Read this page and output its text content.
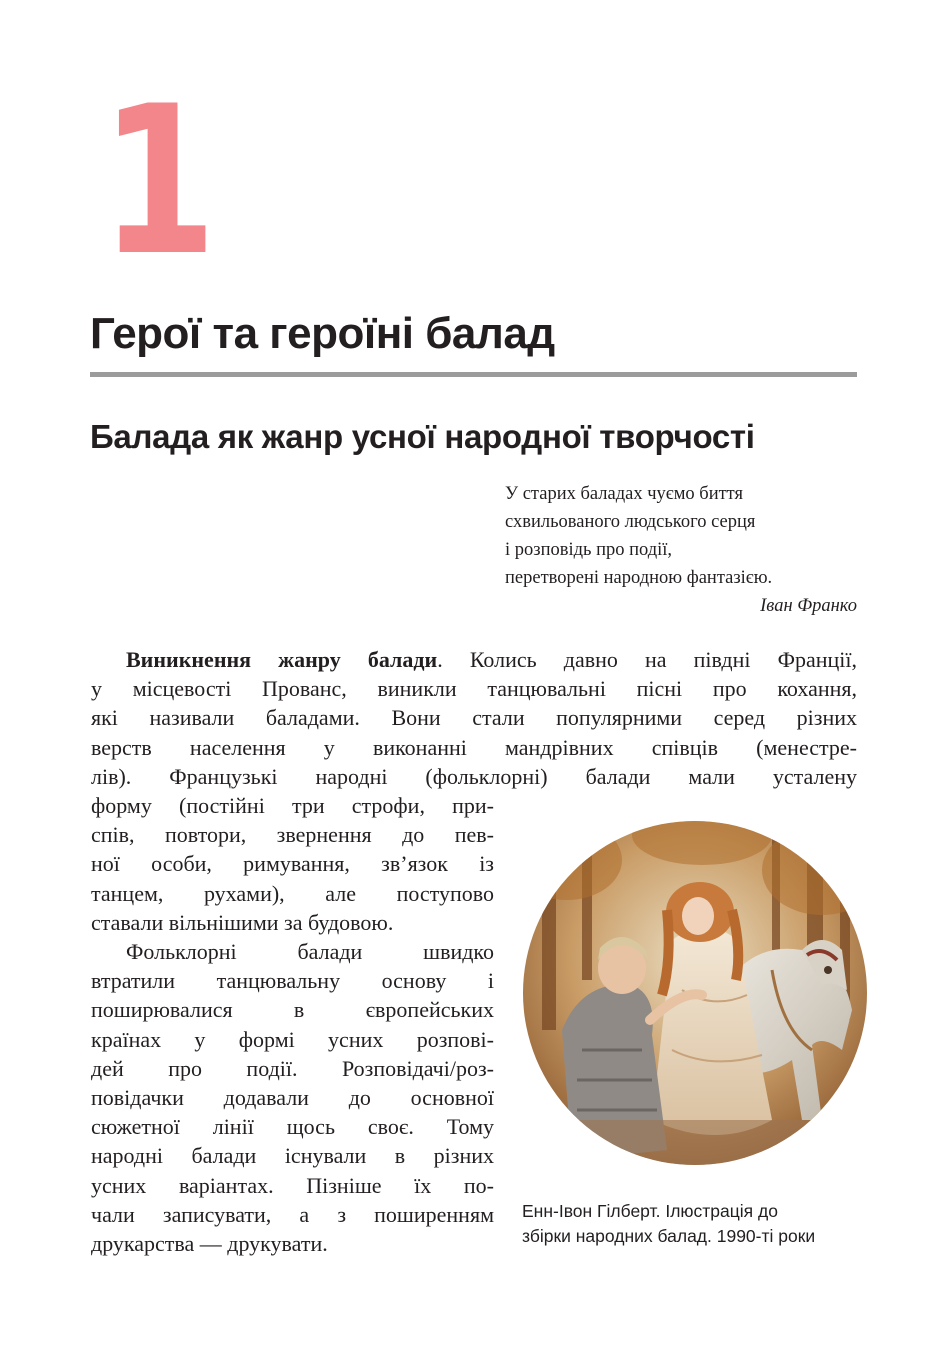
1
Герої та героїні балад
Балада як жанр усної народної творчості
У старих баладах чуємо биття
схвильованого людського серця
і розповідь про події,
перетворені народною фантазією.
Іван Франко
Виникнення жанру балади. Колись давно на півдні Франції,
у місцевості Прованс, виникли танцювальні пісні про кохання,
які називали баладами. Вони стали популярними серед різних
верств населення у виконанні мандрівних співців (менестре-
лів). Французькі народні (фольклорні) балади мали усталену
форму (постійні три строфи, при-
спів, повтори, звернення до пев-
ної особи, римування, зв’язок із
танцем, рухами), але поступово
ставали вільнішими за будовою.
Фольклорні балади швидко
втратили танцювальну основу і
поширювалися в європейських
країнах у формі усних розпові-
дей про події. Розповідачі/роз-
повідачки додавали до основної
сюжетної лінії щось своє. Тому
народні балади існували в різних
усних варіантах. Пізніше їх по-
чали записувати, а з поширенням
друкарства — друкувати.
Енн-Івон Гілберт. Ілюстрація до
збірки народних балад. 1990-ті роки
